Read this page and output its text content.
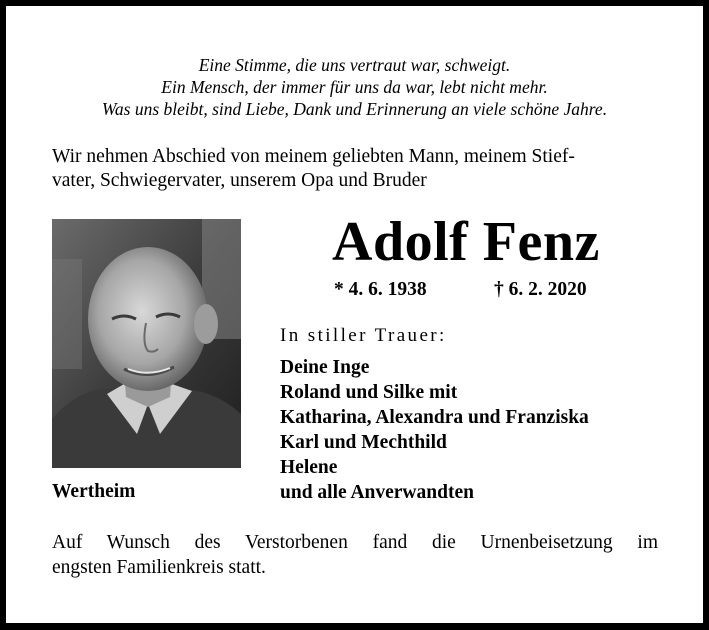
Eine Stimme, die uns vertraut war, schweigt.
Ein Mensch, der immer für uns da war, lebt nicht mehr.
Was uns bleibt, sind Liebe, Dank und Erinnerung an viele schöne Jahre.
Wir nehmen Abschied von meinem geliebten Mann, meinem Stief-
vater, Schwiegervater, unserem Opa und Bruder
Wertheim
Adolf Fenz
* 4. 6. 1938	† 6. 2. 2020
In stiller Trauer:
Deine Inge
Roland und Silke mit
Katharina, Alexandra und Franziska
Karl und Mechthild
Helene
und alle Anverwandten
Auf Wunsch des Verstorbenen fand die Urnenbeisetzung im
engsten Familienkreis statt.
